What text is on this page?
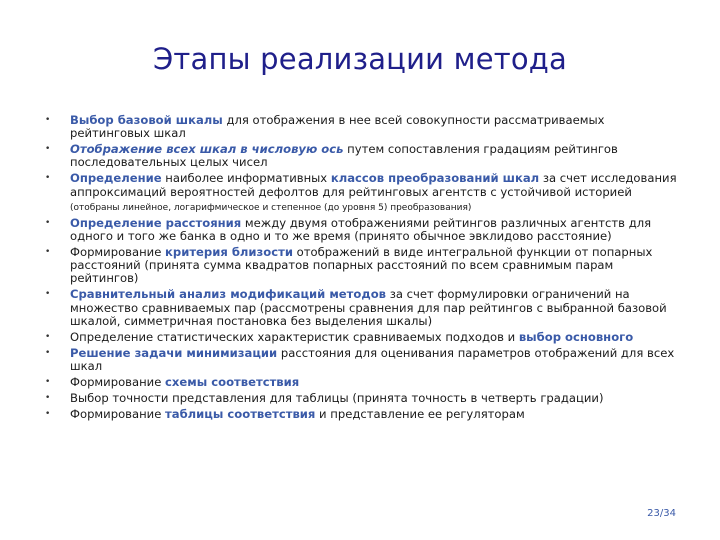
Этапы реализации метода
• Выбор базовой шкалы для отображения в нее всей совокупности рассматриваемых рейтинговых шкал
• Отображение всех шкал в числовую ось путем сопоставления градациям рейтингов последовательных целых чисел
• Определение наиболее информативных классов преобразований шкал за счет исследования аппроксимаций вероятностей дефолтов для рейтинговых агентств с устойчивой историей
(отобраны линейное, логарифмическое и степенное (до уровня 5) преобразования)
• Определение расстояния между двумя отображениями рейтингов различных агентств для одного и того же банка в одно и то же время (принято обычное эвклидово расстояние)
• Формирование критерия близости отображений в виде интегральной функции от попарных расстояний (принята сумма квадратов попарных расстояний по всем сравнимым парам рейтингов)
• Сравнительный анализ модификаций методов за счет формулировки ограничений на множество сравниваемых пар (рассмотрены сравнения для пар рейтингов с выбранной базовой шкалой, симметричная постановка без выделения шкалы)
• Определение статистических характеристик сравниваемых подходов и выбор основного
• Решение задачи минимизации расстояния для оценивания параметров отображений для всех шкал
• Формирование схемы соответствия
• Выбор точности представления для таблицы (принята точность в четверть градации)
• Формирование таблицы соответствия и представление ее регуляторам
23/34
